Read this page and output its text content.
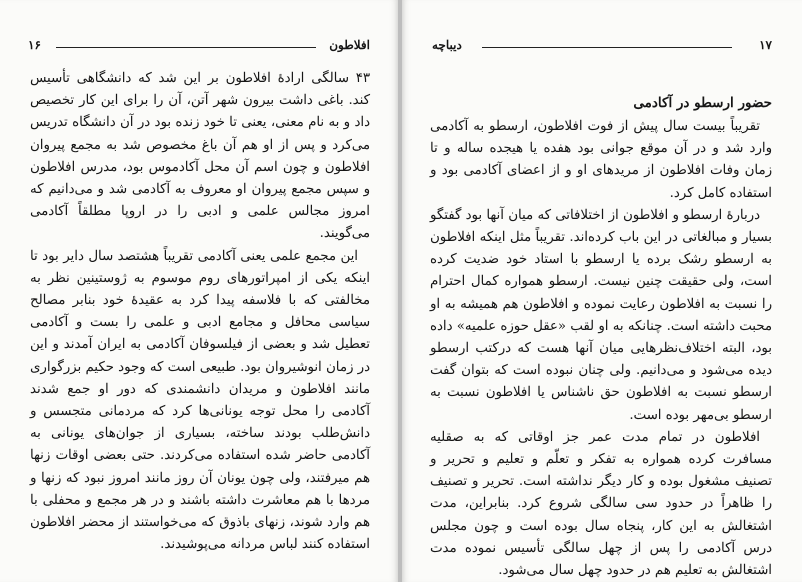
۱۶	افلاطون

۴۳ سالگی ارادهٔ افلاطون بر این شد که دانشگاهی تأسیس کند. باغی داشت بیرون شهر آتن، آن را برای این کار تخصیص داد و به نام معنی، یعنی تا خود زنده بود در آن دانشگاه تدریس می‌کرد و پس از او هم آن باغ مخصوص شد به مجمع پیروان افلاطون و چون اسم آن محل آکادموس بود، مدرس افلاطون و سپس مجمع پیروان او معروف به آکادمی شد و می‌دانیم که امروز مجالس علمی و ادبی را در اروپا مطلقاً آکادمی می‌گویند.

این مجمع علمی یعنی آکادمی تقریباً هشتصد سال دایر بود تا اینکه یکی از امپراتورهای روم موسوم به ژوستینین نظر به مخالفتی که با فلاسفه پیدا کرد به عقیدهٔ خود بنابر مصالح سیاسی محافل و مجامع ادبی و علمی را بست و آکادمی تعطیل شد و بعضی از فیلسوفان آکادمی به ایران آمدند و این در زمان انوشیروان بود. طبیعی است که وجود حکیم بزرگواری مانند افلاطون و مریدان دانشمندی که دور او جمع شدند آکادمی را محل توجه یونانی‌ها کرد که مردمانی متجسس و دانش‌طلب بودند ساخته، بسیاری از جوان‌های یونانی به آکادمی حاضر شده استفاده می‌کردند. حتی بعضی اوقات زنها هم میرفتند، ولی چون یونان آن روز مانند امروز نبود که زنها و مردها با هم معاشرت داشته باشند و در هر مجمع و محفلی با هم وارد شوند، زنهای باذوق که می‌خواستند از محضر افلاطون استفاده کنند لباس مردانه می‌پوشیدند.

۱۷
دیباچه
حضور ارسطو در آکادمی

تقریباً بیست سال پیش از فوت افلاطون، ارسطو به آکادمی وارد شد و در آن موقع جوانی بود هفده یا هیجده ساله و تا زمان وفات افلاطون از مریدهای او و از اعضای آکادمی بود و استفاده کامل کرد.

دربارهٔ ارسطو و افلاطون از اختلافاتی که میان آنها بود گفتگو بسیار و مبالغاتی در این باب کرده‌اند. تقریباً مثل اینکه افلاطون به ارسطو رشک برده یا ارسطو با استاد خود ضدیت کرده است، ولی حقیقت چنین نیست. ارسطو همواره کمال احترام را نسبت به افلاطون رعایت نموده و افلاطون هم همیشه به او محبت داشته است. چنانکه به او لقب «عقل حوزه علمیه» داده بود، البته اختلاف‌نظرهایی میان آنها هست که درکتب ارسطو دیده می‌شود و می‌دانیم. ولی چنان نبوده است که بتوان گفت ارسطو نسبت به افلاطون حق ناشناس یا افلاطون نسبت به ارسطو بی‌مهر بوده است.

افلاطون در تمام مدت عمر جز اوقاتی که به صقلیه مسافرت کرده همواره به تفکر و تعلّم و تعلیم و تحریر و تصنیف مشغول بوده و کار دیگر نداشته است. تحریر و تصنیف را ظاهراً در حدود سی سالگی شروع کرد. بنابراین، مدت اشتغالش به این کار، پنجاه سال بوده است و چون مجلس درس آکادمی را پس از چهل سالگی تأسیس نموده مدت اشتغالش به تعلیم هم در حدود چهل سال می‌شود.
